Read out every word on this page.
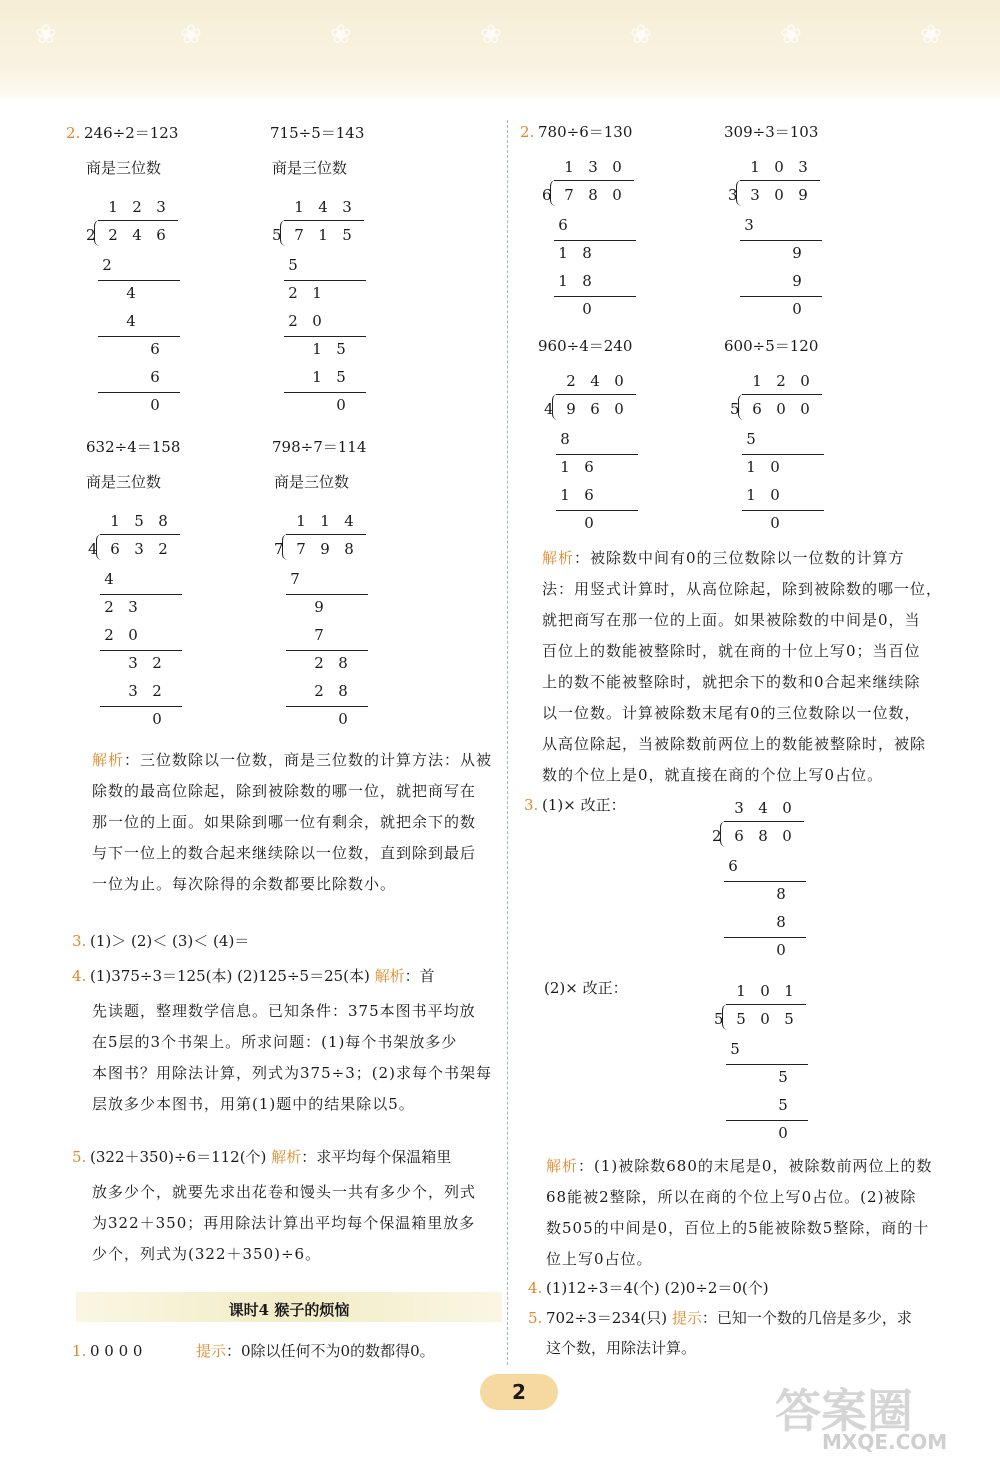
❀	❀	❀	❀	❀	❀	❀
2. 246÷2＝123	715÷5＝143
商是三位数	商是三位数
1 2 3
2 2 4 6
2
4
4
6
6
0
1 4 3
5 7 1 5
5
2 1
2 0
1 5
1 5
0
632÷4＝158	798÷7＝114
商是三位数	商是三位数
1 5 8
4 6 3 2
4
2 3
2 0
3 2
3 2
0
1 1 4
7 7 9 8
7
9
7
2 8
2 8
0
解析：三位数除以一位数，商是三位数的计算方法：从被
除数的最高位除起，除到被除数的哪一位，就把商写在
那一位的上面。如果除到哪一位有剩余，就把余下的数
与下一位上的数合起来继续除以一位数，直到除到最后
一位为止。每次除得的余数都要比除数小。
3. (1)＞ (2)＜ (3)＜ (4)＝
4. (1)375÷3＝125(本) (2)125÷5＝25(本) 解析：首
先读题，整理数学信息。已知条件：375本图书平均放
在5层的3个书架上。所求问题：(1)每个书架放多少
本图书？用除法计算，列式为375÷3；(2)求每个书架每
层放多少本图书，用第(1)题中的结果除以5。
5. (322＋350)÷6＝112(个) 解析：求平均每个保温箱里
放多少个，就要先求出花卷和馒头一共有多少个，列式
为322＋350；再用除法计算出平均每个保温箱里放多
少个，列式为(322＋350)÷6。
课时4 猴子的烦恼
1. 0 0 0 0	提示：0除以任何不为0的数都得0。
2. 780÷6＝130	309÷3＝103
1 3 0
6 7 8 0
6
1 8
1 8
0
1 0 3
3 3 0 9
3
9
9
0
960÷4＝240	600÷5＝120
2 4 0
4 9 6 0
8
1 6
1 6
0
1 2 0
5 6 0 0
5
1 0
1 0
0
解析：被除数中间有0的三位数除以一位数的计算方
法：用竖式计算时，从高位除起，除到被除数的哪一位，
就把商写在那一位的上面。如果被除数的中间是0，当
百位上的数能被整除时，就在商的十位上写0；当百位
上的数不能被整除时，就把余下的数和0合起来继续除
以一位数。计算被除数末尾有0的三位数除以一位数，
从高位除起，当被除数前两位上的数能被整除时，被除
数的个位上是0，就直接在商的个位上写0占位。
3. (1)× 改正：	3 4 0
2 6 8 0
6
8
8
0
(2)× 改正：	1 0 1
5 5 0 5
5
5
5
0
解析：(1)被除数680的末尾是0，被除数前两位上的数
68能被2整除，所以在商的个位上写0占位。(2)被除
数505的中间是0，百位上的5能被除数5整除，商的十
位上写0占位。
4. (1)12÷3＝4(个) (2)0÷2＝0(个)
5. 702÷3＝234(只) 提示：已知一个数的几倍是多少，求
这个数，用除法计算。
2	答案圈
MXQE.COM
